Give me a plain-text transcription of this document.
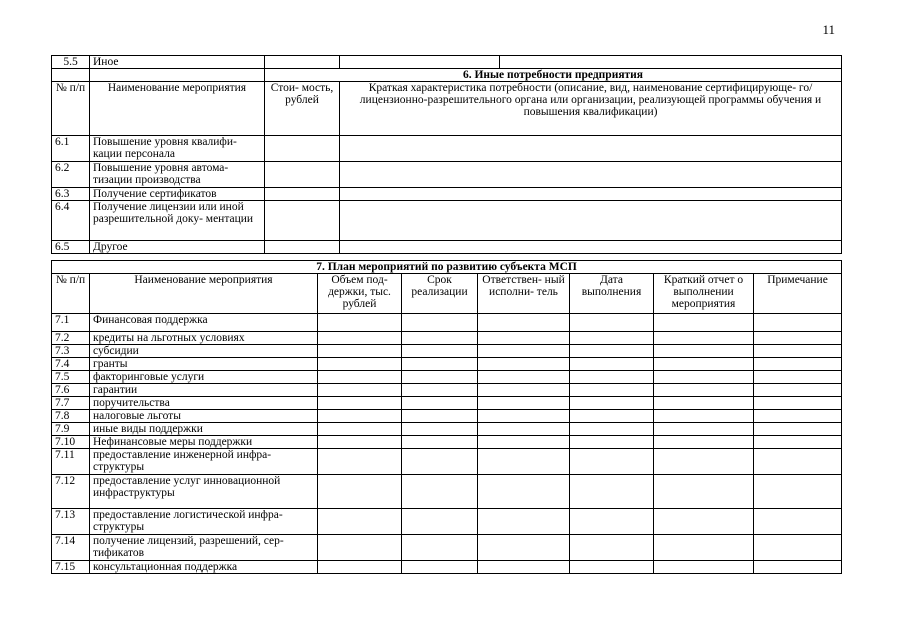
11
5.5	Иное			
		6. Иные потребности предприятия		
№ п/п	Наименование мероприятия	Стои- мость, рублей	Краткая характеристика потребности (описание, вид, наименование сертифицирующе- го/лицензионно-разрешительного органа или организации, реализующей программы обучения и повышения квалификации)	
6.1	Повышение уровня квалифи- кации персонала			
6.2	Повышение уровня автома- тизации производства			
6.3	Получение сертификатов			
6.4	Получение лицензии или иной разрешительной доку- ментации			
6.5	Другое			
7. План мероприятий по развитию субъекта МСП							
№ п/п	Наименование мероприятия	Объем под- держки, тыс. рублей	Срок реализации	Ответствен- ный исполни- тель	Дата выполнения	Краткий отчет о выполнении мероприятия	Примечание
7.1	Финансовая поддержка						
7.2	кредиты на льготных условиях						
7.3	субсидии						
7.4	гранты						
7.5	факторинговые услуги						
7.6	гарантии						
7.7	поручительства						
7.8	налоговые льготы						
7.9	иные виды поддержки						
7.10	Нефинансовые меры поддержки						
7.11	предоставление инженерной инфра- структуры						
7.12	предоставление услуг инновационной инфраструктуры						
7.13	предоставление логистической инфра- структуры						
7.14	получение лицензий, разрешений, сер- тификатов						
7.15	консультационная поддержка						
